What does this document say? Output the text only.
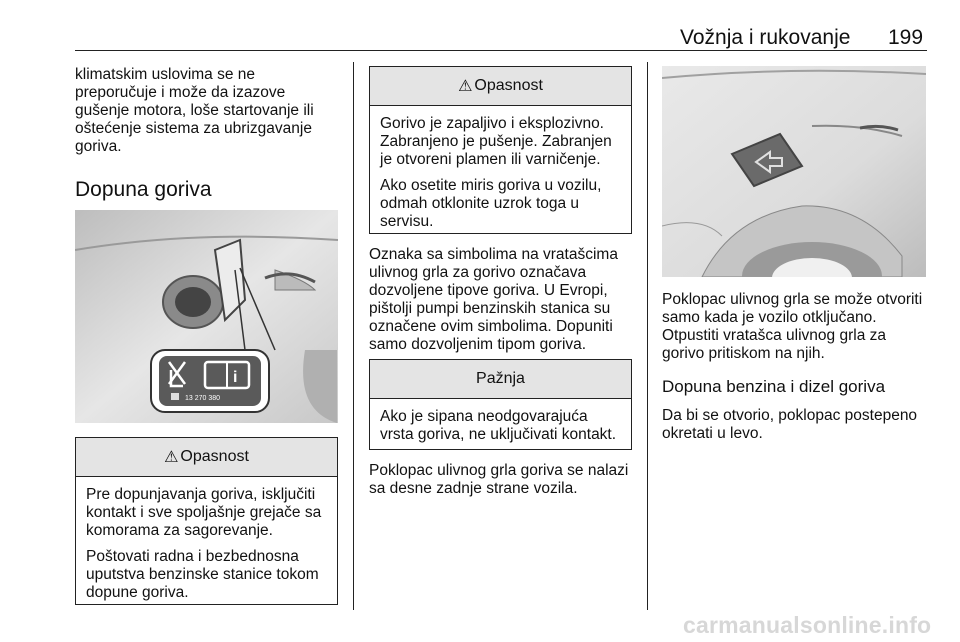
Vožnja i rukovanje 199

klimatskim uslovima se ne preporučuje i može da izazove gušenje motora, loše startovanje ili oštećenje sistema za ubrizgavanje goriva.

Dopuna goriva
i
13 270 380
⚠ Opasnost

Pre dopunjavanja goriva, isključiti kontakt i sve spoljašnje grejače sa komorama za sagorevanje.

Poštovati radna i bezbednosna uputstva benzinske stanice tokom dopune goriva.

⚠ Opasnost

Gorivo je zapaljivo i eksplozivno. Zabranjeno je pušenje. Zabranjen je otvoreni plamen ili varničenje.

Ako osetite miris goriva u vozilu, odmah otklonite uzrok toga u servisu.

Oznaka sa simbolima na vratašcima ulivnog grla za gorivo označava dozvoljene tipove goriva. U Evropi, pištolji pumpi benzinskih stanica su označene ovim simbolima. Dopuniti samo dozvoljenim tipom goriva.

Pažnja

Ako je sipana neodgovarajuća vrsta goriva, ne uključivati kontakt.

Poklopac ulivnog grla goriva se nalazi sa desne zadnje strane vozila.

Poklopac ulivnog grla se može otvoriti samo kada je vozilo otključano.

Otpustiti vratašca ulivnog grla za gorivo pritiskom na njih.

Dopuna benzina i dizel goriva

Da bi se otvorio, poklopac postepeno okretati u levo.

carmanualsonline.info
